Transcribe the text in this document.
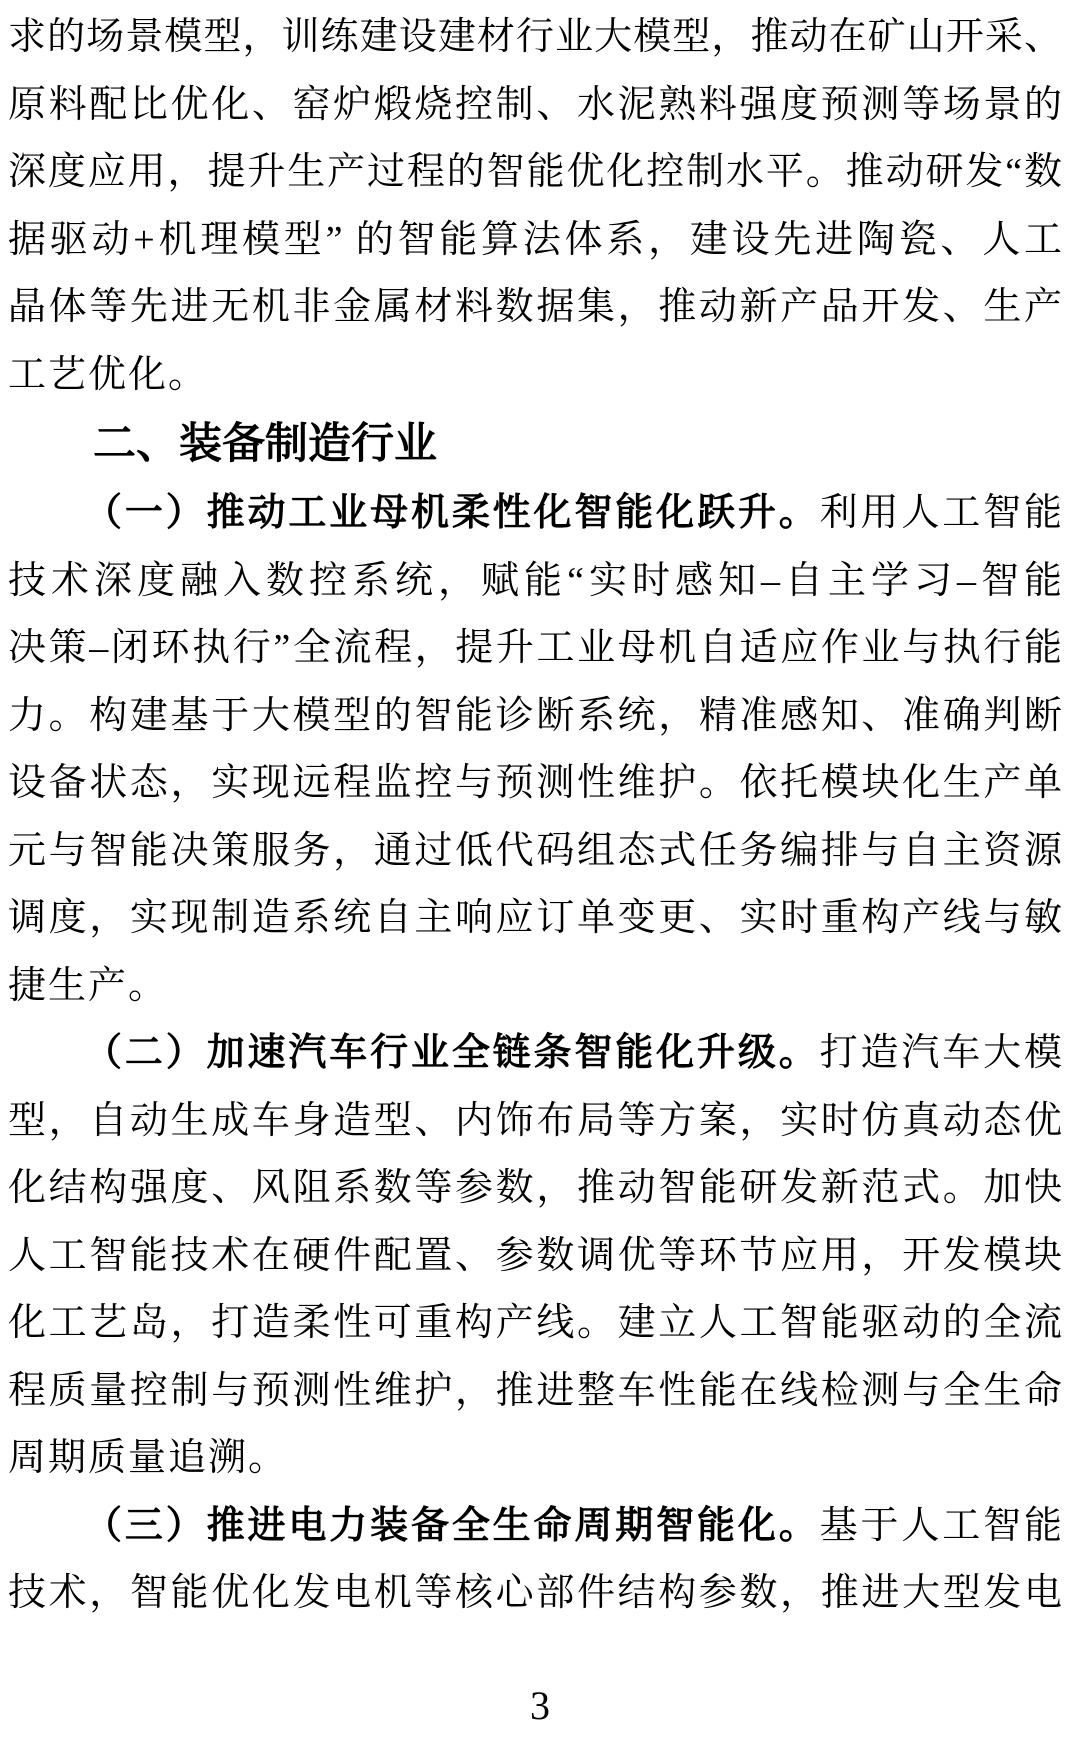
求的场景模型，训练建设建材行业大模型，推动在矿山开采、
原料配比优化、窑炉煅烧控制、水泥熟料强度预测等场景的
深度应用，提升生产过程的智能优化控制水平。推动研发“数
据驱动+机理模型” 的智能算法体系，建设先进陶瓷、人工
晶体等先进无机非金属材料数据集，推动新产品开发、生产
工艺优化。
二、装备制造行业
（一）推动工业母机柔性化智能化跃升。利用人工智能
技术深度融入数控系统，赋能“实时感知–自主学习–智能
决策–闭环执行”全流程，提升工业母机自适应作业与执行能
力。构建基于大模型的智能诊断系统，精准感知、准确判断
设备状态，实现远程监控与预测性维护。依托模块化生产单
元与智能决策服务，通过低代码组态式任务编排与自主资源
调度，实现制造系统自主响应订单变更、实时重构产线与敏
捷生产。
（二）加速汽车行业全链条智能化升级。打造汽车大模
型，自动生成车身造型、内饰布局等方案，实时仿真动态优
化结构强度、风阻系数等参数，推动智能研发新范式。加快
人工智能技术在硬件配置、参数调优等环节应用，开发模块
化工艺岛，打造柔性可重构产线。建立人工智能驱动的全流
程质量控制与预测性维护，推进整车性能在线检测与全生命
周期质量追溯。
（三）推进电力装备全生命周期智能化。基于人工智能
技术，智能优化发电机等核心部件结构参数，推进大型发电
3
